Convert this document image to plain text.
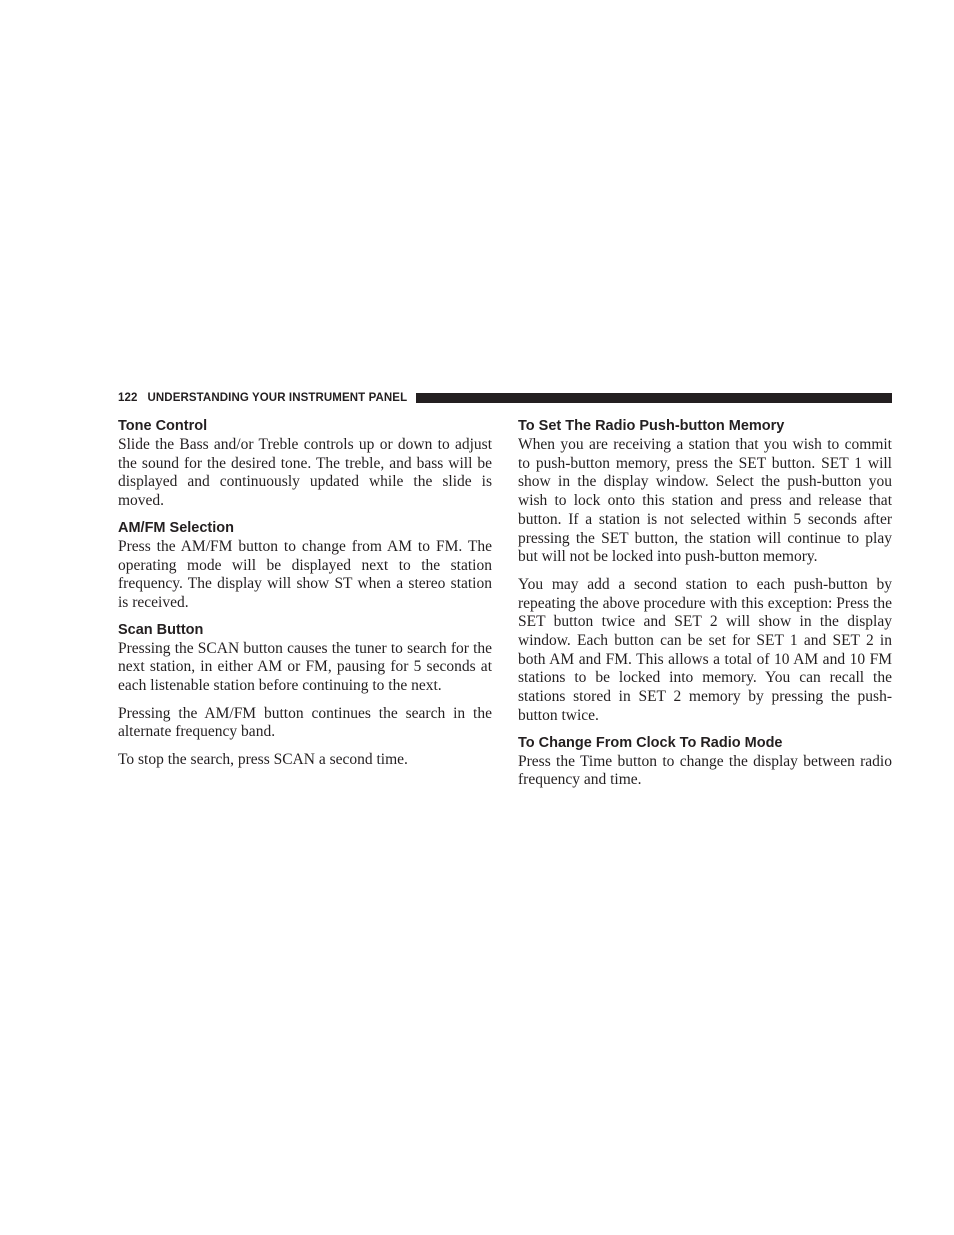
122 UNDERSTANDING YOUR INSTRUMENT PANEL
Tone Control

Slide the Bass and/or Treble controls up or down to adjust the sound for the desired tone. The treble, and bass will be displayed and continuously updated while the slide is moved.

AM/FM Selection

Press the AM/FM button to change from AM to FM. The operating mode will be displayed next to the station frequency. The display will show ST when a stereo station is received.

Scan Button

Pressing the SCAN button causes the tuner to search for the next station, in either AM or FM, pausing for 5 seconds at each listenable station before continuing to the next.

Pressing the AM/FM button continues the search in the alternate frequency band.

To stop the search, press SCAN a second time.

To Set The Radio Push-button Memory

When you are receiving a station that you wish to commit to push-button memory, press the SET button. SET 1 will show in the display window. Select the push-button you wish to lock onto this station and press and release that button. If a station is not selected within 5 seconds after pressing the SET button, the station will continue to play but will not be locked into push-button memory.

You may add a second station to each push-button by repeating the above procedure with this exception: Press the SET button twice and SET 2 will show in the display window. Each button can be set for SET 1 and SET 2 in both AM and FM. This allows a total of 10 AM and 10 FM stations to be locked into memory. You can recall the stations stored in SET 2 memory by pressing the push-button twice.

To Change From Clock To Radio Mode

Press the Time button to change the display between radio frequency and time.
